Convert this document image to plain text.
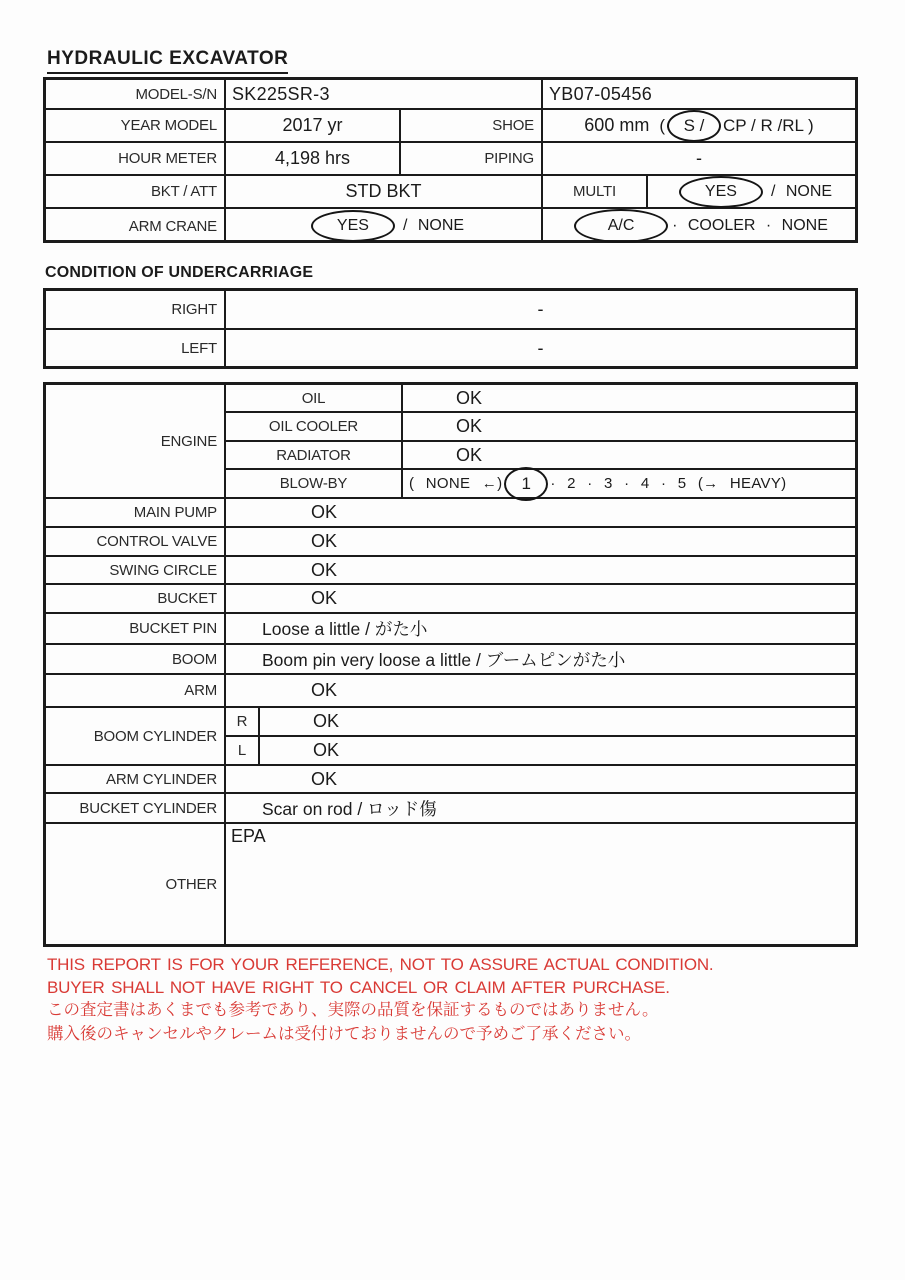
HYDRAULIC EXCAVATOR
MODEL-S/N SK225SR-3	YB07-05456
YEAR MODEL	2017 yr	SHOE	600 mm (	S /	CP / R /RL )
HOUR METER	4,198 hrs	PIPING	-
BKT / ATT	STD BKT	MULTI	YES	/ NONE
ARM CRANE	YES	/ NONE	A/C	· COOLER · NONE
CONDITION OF UNDERCARRIAGE
RIGHT	-
LEFT	-
ENGINE
OIL	OK
OIL COOLER	OK
RADIATOR	OK
BLOW-BY	( NONE ←)	1	· 2 · 3 · 4 · 5 (→ HEAVY)
MAIN PUMP	OK
CONTROL VALVE	OK
SWING CIRCLE	OK
BUCKET	OK
BUCKET PIN	Loose a little / がた小
BOOM	Boom pin very loose a little / ブームピンがた小
ARM	OK
BOOM CYLINDER
R	OK
L	OK
ARM CYLINDER	OK
BUCKET CYLINDER	Scar on rod / ロッド傷
OTHER
EPA
THIS REPORT IS FOR YOUR REFERENCE, NOT TO ASSURE ACTUAL CONDITION.
BUYER SHALL NOT HAVE RIGHT TO CANCEL OR CLAIM AFTER PURCHASE.
この査定書はあくまでも参考であり、実際の品質を保証するものではありません。
購入後のキャンセルやクレームは受付けておりませんので予めご了承ください。
